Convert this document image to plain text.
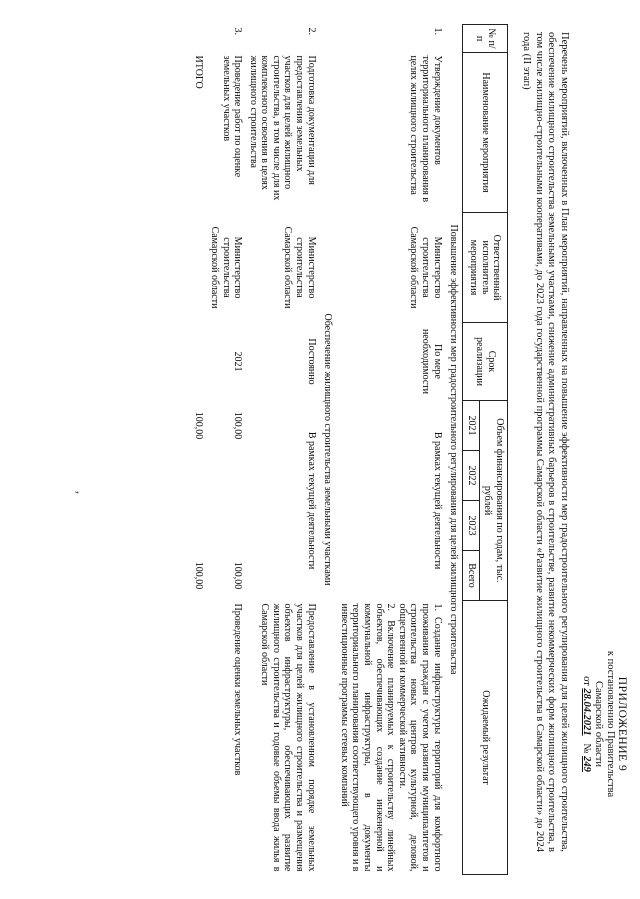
ПРИЛОЖЕНИЕ 9
к постановлению Правительства
Самарской области
от 28.04.2021   № 249
Перечень мероприятий, включенных в План мероприятий, направленных на повышение эффективности мер градостроительного регулирования для целей жилищного строительства, обеспечение жилищного строительства земельными участками, снижение административных барьеров в строительстве, развитие некоммерческих форм жилищного строительства, в том числе жилищно-строительными кооперативами, до 2023 года государственной программы Самарской области «Развитие жилищного строительства в Самарской области» до 2024 года (II этап)
№ п/п	Наименование мероприятия	Ответственный исполнитель мероприятия	Срок реализации	Объем финансирования по годам, тыс. рублей				Ожидаемый результат
				2021	2022	2023	Всего	
Повышение эффективности мер градостроительного регулирования для целей жилищного строительства								
1.	Утверждение документов территориального планирования в целях жилищного строительства	Министерство строительства Самарской области	По мере необходимости	В рамках текущей деятельности				1. Создание инфраструктуры территорий для комфортного проживания граждан с учетом развития муниципалитетов и строительства новых центров культурной, деловой, общественной и коммерческой активности.
2. Включение планируемых к строительству линейных объектов, обеспечивающих создание инженерной и коммунальной инфраструктуры, в документы территориального планирования соответствующего уровня и в инвестиционные программы сетевых компаний

Обеспечение жилищного строительства земельными участками								
2.	Подготовка документации для предоставления земельных участков для целей жилищного строительства, в том числе для их комплексного освоения в целях жилищного строительства	Министерство строительства Самарской области	Постоянно	В рамках текущей деятельности				Предоставление в установленном порядке земельных участков для целей жилищного строительства и размещения объектов инфраструктуры, обеспечивающих развитие жилищного строительства и годовые объемы ввода жилья в Самарской области
3.	Проведение работ по оценке земельных участков	Министерство строительства Самарской области	2021	100,00			100,00	Проведение оценки земельных участков
	ИТОГО			100,00			100,00	
‚
